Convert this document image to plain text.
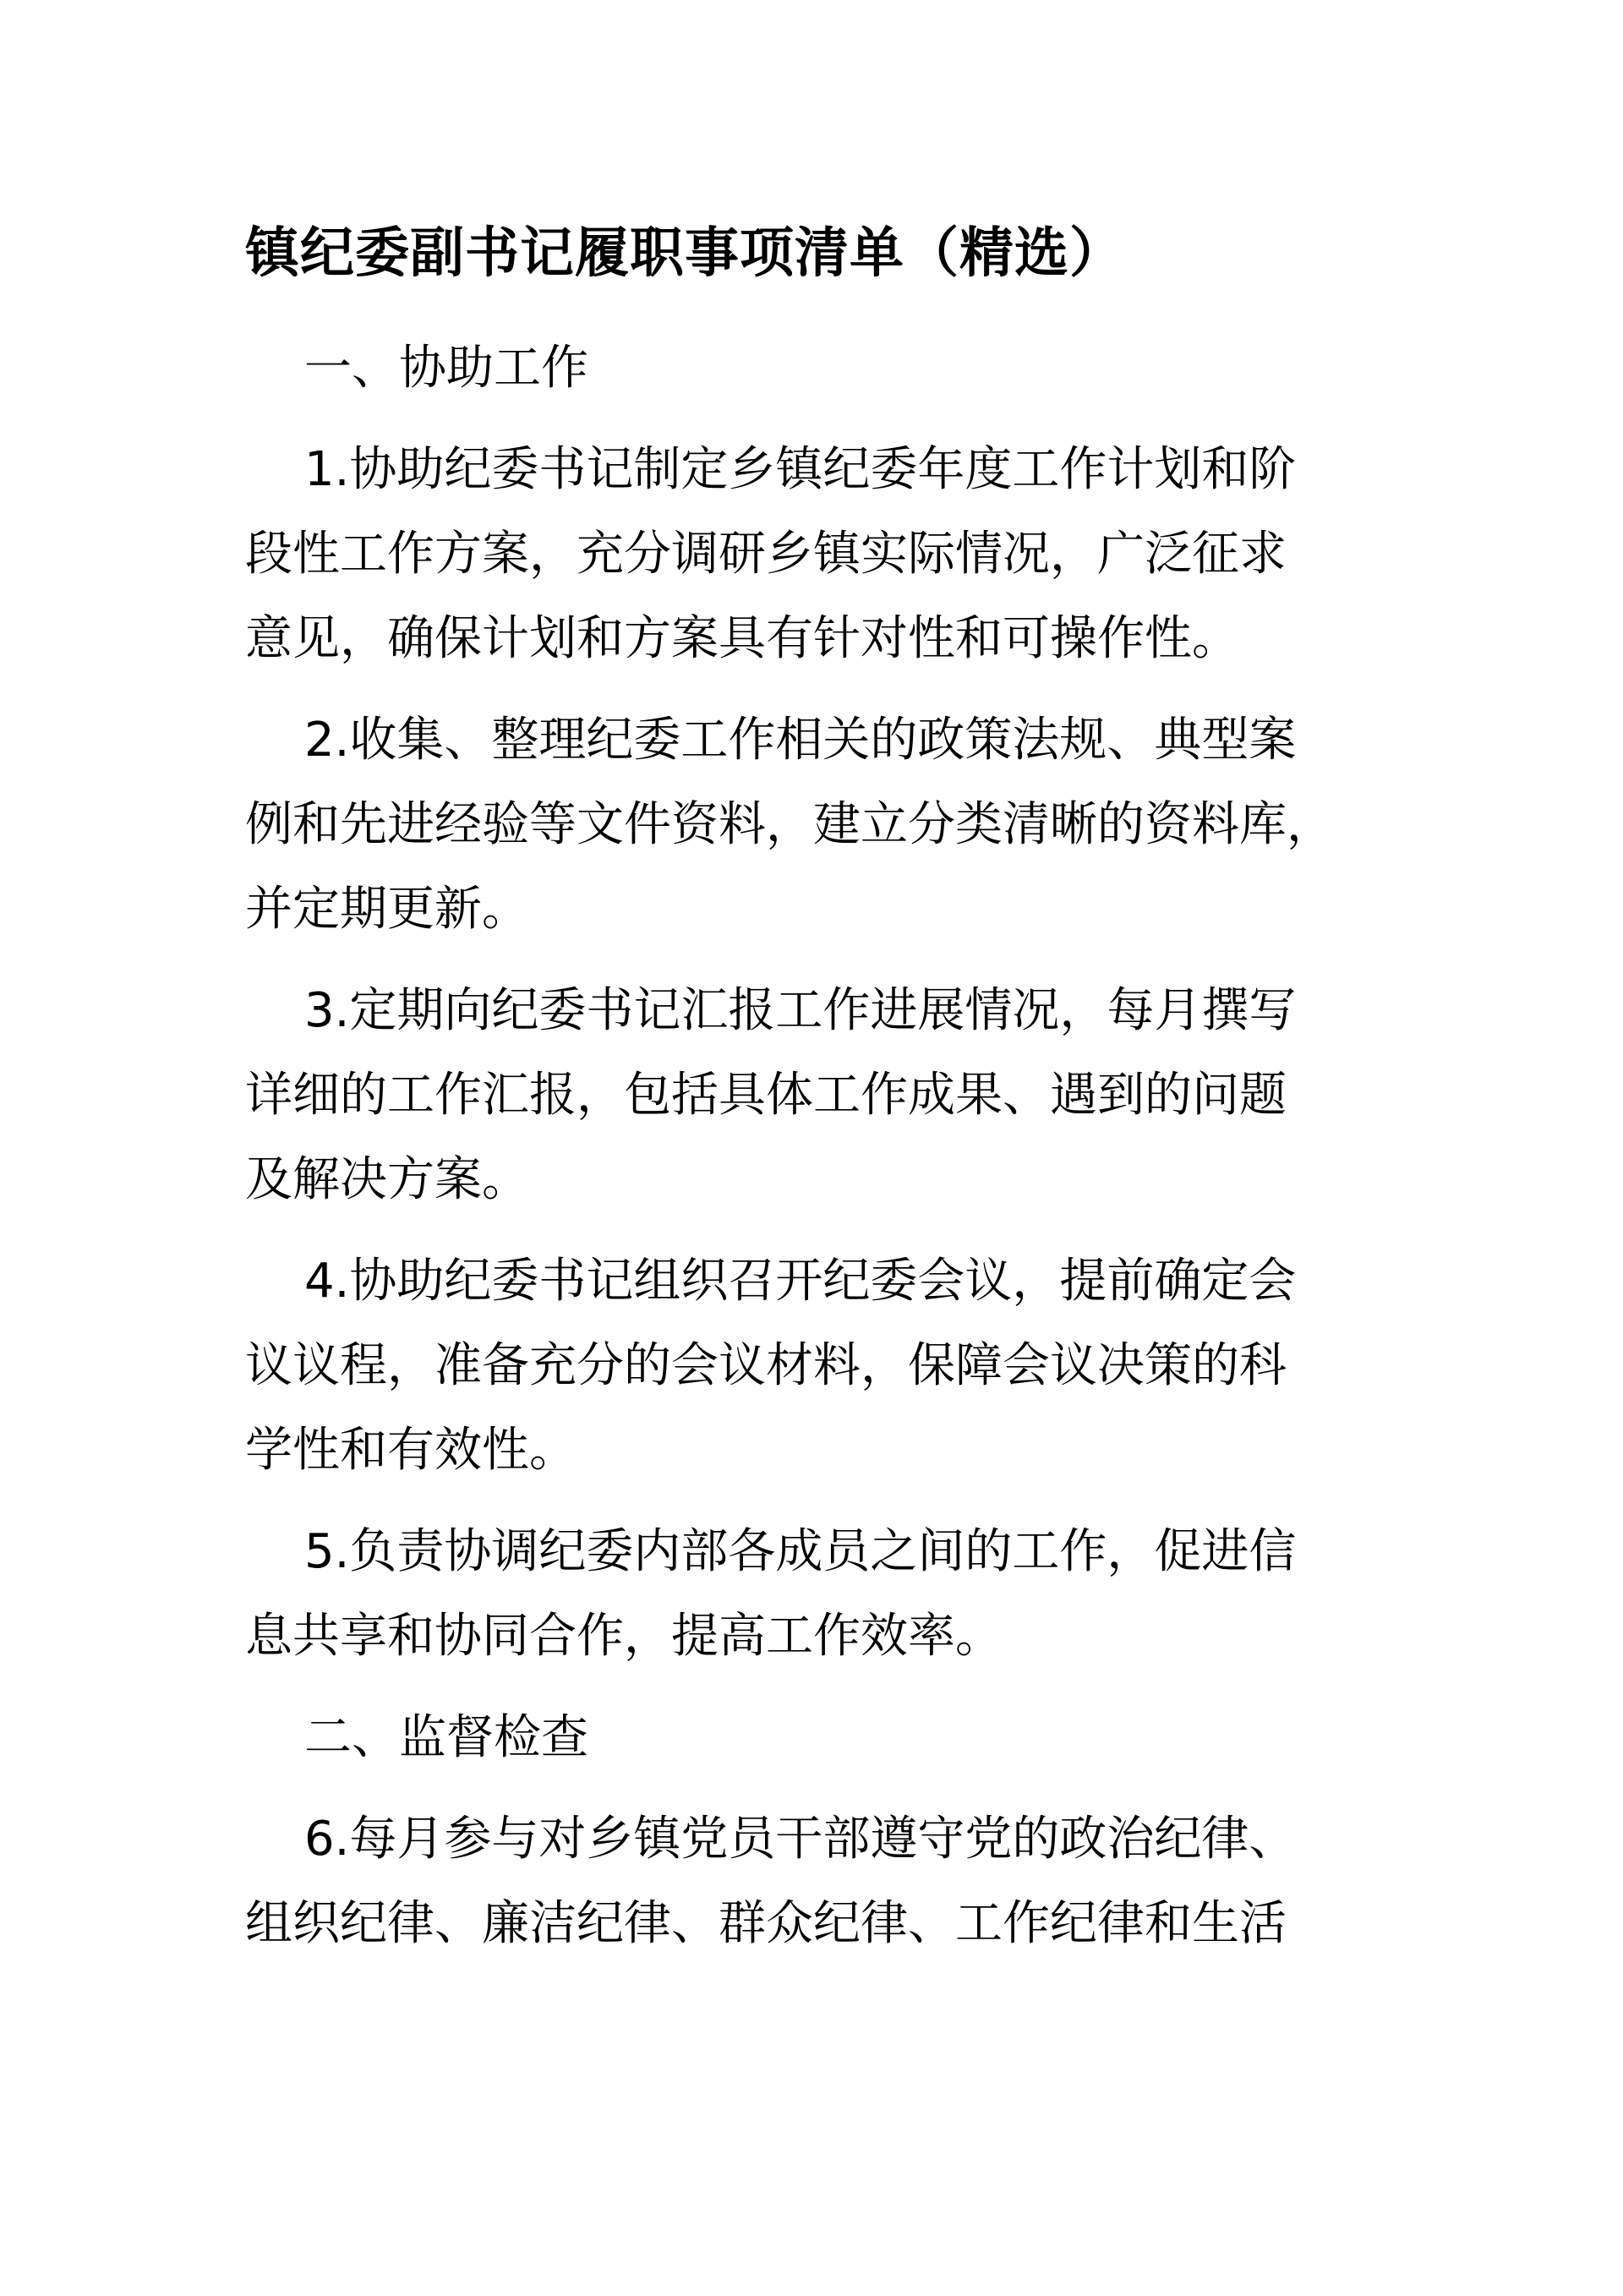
镇纪委副书记履职事项清单（精选）
一、协助工作
1.协助纪委书记制定乡镇纪委年度工作计划和阶
段性工作方案，充分调研乡镇实际情况，广泛征求
意见，确保计划和方案具有针对性和可操作性。
2.收集、整理纪委工作相关的政策法规、典型案
例和先进经验等文件资料，建立分类清晰的资料库，
并定期更新。
3.定期向纪委书记汇报工作进展情况，每月撰写
详细的工作汇报，包括具体工作成果、遇到的问题
及解决方案。
4.协助纪委书记组织召开纪委会议，提前确定会
议议程，准备充分的会议材料，保障会议决策的科
学性和有效性。
5.负责协调纪委内部各成员之间的工作，促进信
息共享和协同合作，提高工作效率。
二、监督检查
6.每月参与对乡镇党员干部遵守党的政治纪律、
组织纪律、廉洁纪律、群众纪律、工作纪律和生活
